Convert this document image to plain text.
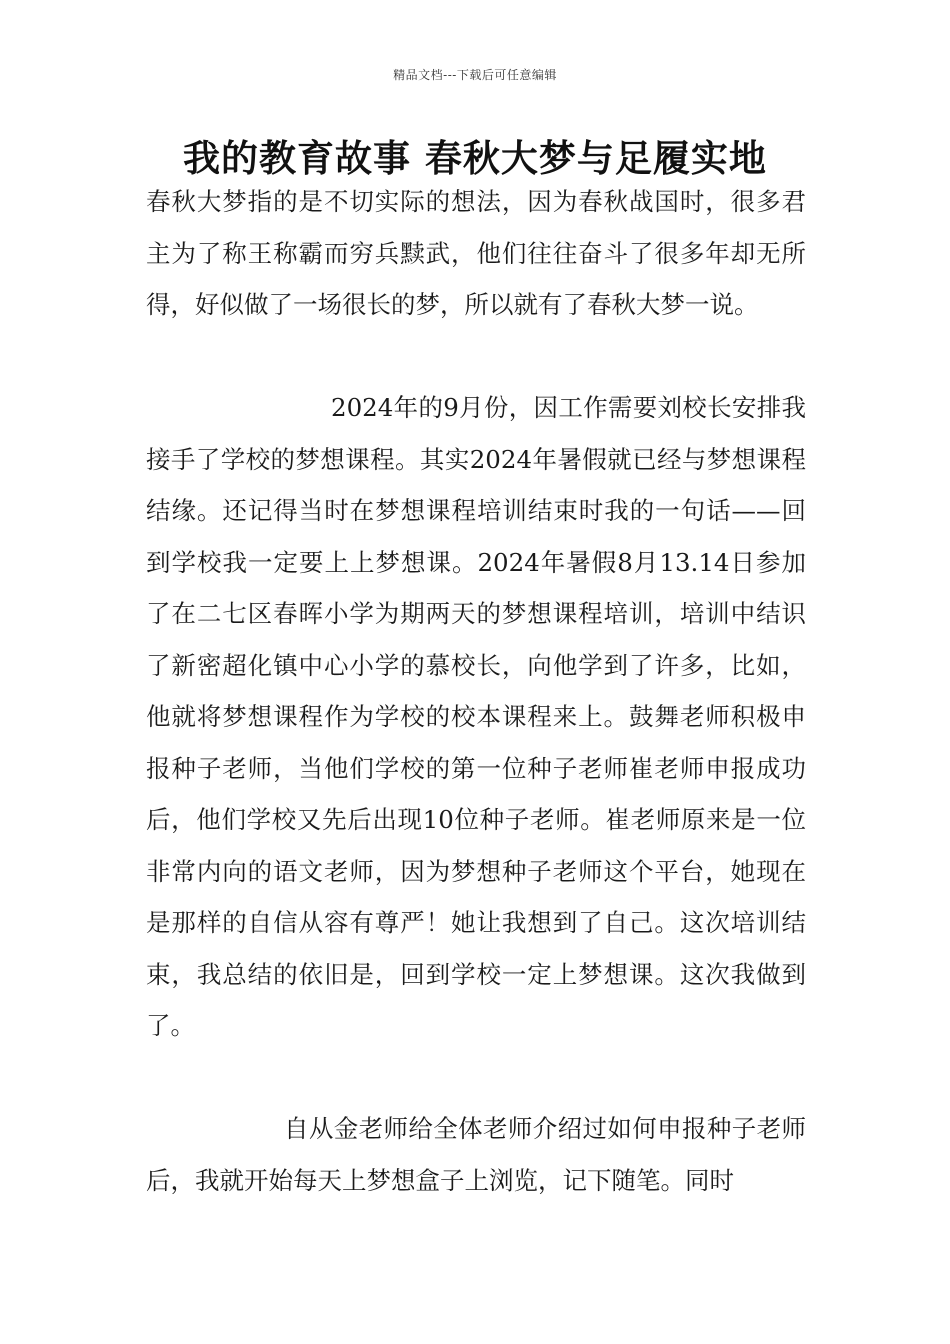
精品文档---下载后可任意编辑
我的教育故事 春秋大梦与足履实地

春秋大梦指的是不切实际的想法，因为春秋战国时，很多君主为了称王称霸而穷兵黩武，他们往往奋斗了很多年却无所得，好似做了一场很长的梦，所以就有了春秋大梦一说。

2024年的9月份，因工作需要刘校长安排我接手了学校的梦想课程。其实2024年暑假就已经与梦想课程结缘。还记得当时在梦想课程培训结束时我的一句话——回到学校我一定要上上梦想课。2024年暑假8月13.14日参加了在二七区春晖小学为期两天的梦想课程培训，培训中结识了新密超化镇中心小学的慕校长，向他学到了许多，比如，他就将梦想课程作为学校的校本课程来上。鼓舞老师积极申报种子老师，当他们学校的第一位种子老师崔老师申报成功后，他们学校又先后出现10位种子老师。崔老师原来是一位非常内向的语文老师，因为梦想种子老师这个平台，她现在是那样的自信从容有尊严！她让我想到了自己。这次培训结束，我总结的依旧是，回到学校一定上梦想课。这次我做到了。

自从金老师给全体老师介绍过如何申报种子老师后，我就开始每天上梦想盒子上浏览，记下随笔。同时
